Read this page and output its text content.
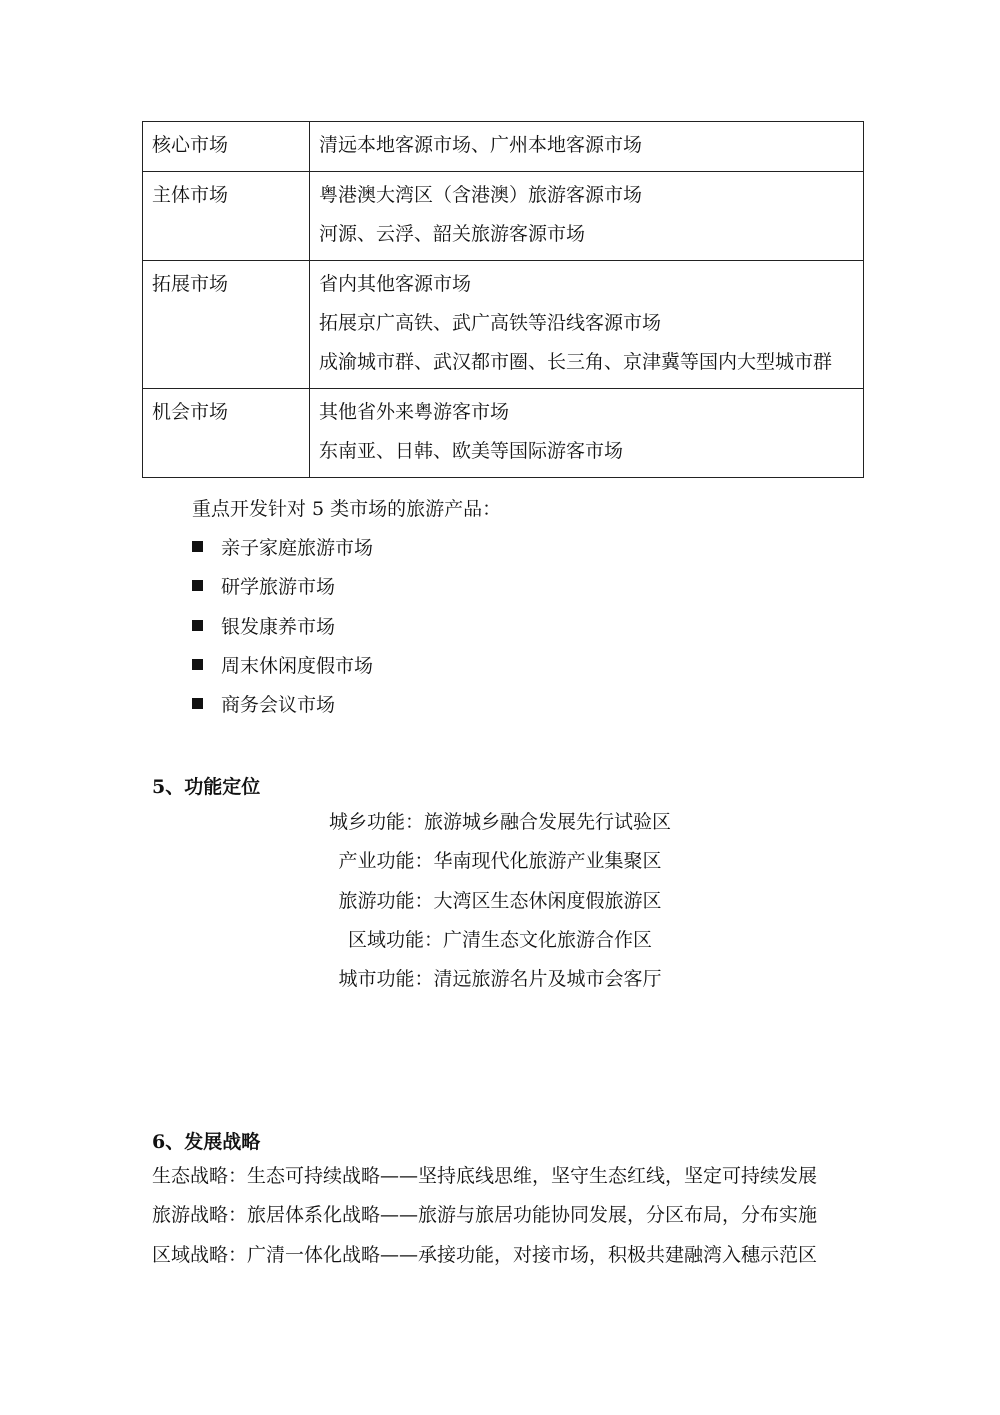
核心市场	清远本地客源市场、广州本地客源市场

主体市场	粤港澳大湾区（含港澳）旅游客源市场
河源、云浮、韶关旅游客源市场

拓展市场	省内其他客源市场
拓展京广高铁、武广高铁等沿线客源市场
成渝城市群、武汉都市圈、长三角、京津冀等国内大型城市群

机会市场	其他省外来粤游客市场
东南亚、日韩、欧美等国际游客市场
重点开发针对 5 类市场的旅游产品：
亲子家庭旅游市场
研学旅游市场
银发康养市场
周末休闲度假市场
商务会议市场
5、功能定位
城乡功能：旅游城乡融合发展先行试验区
产业功能：华南现代化旅游产业集聚区
旅游功能：大湾区生态休闲度假旅游区
区域功能：广清生态文化旅游合作区
城市功能：清远旅游名片及城市会客厅
6、发展战略
生态战略：生态可持续战略——坚持底线思维，坚守生态红线，坚定可持续发展
旅游战略：旅居体系化战略——旅游与旅居功能协同发展，分区布局，分布实施
区域战略：广清一体化战略——承接功能，对接市场，积极共建融湾入穗示范区
